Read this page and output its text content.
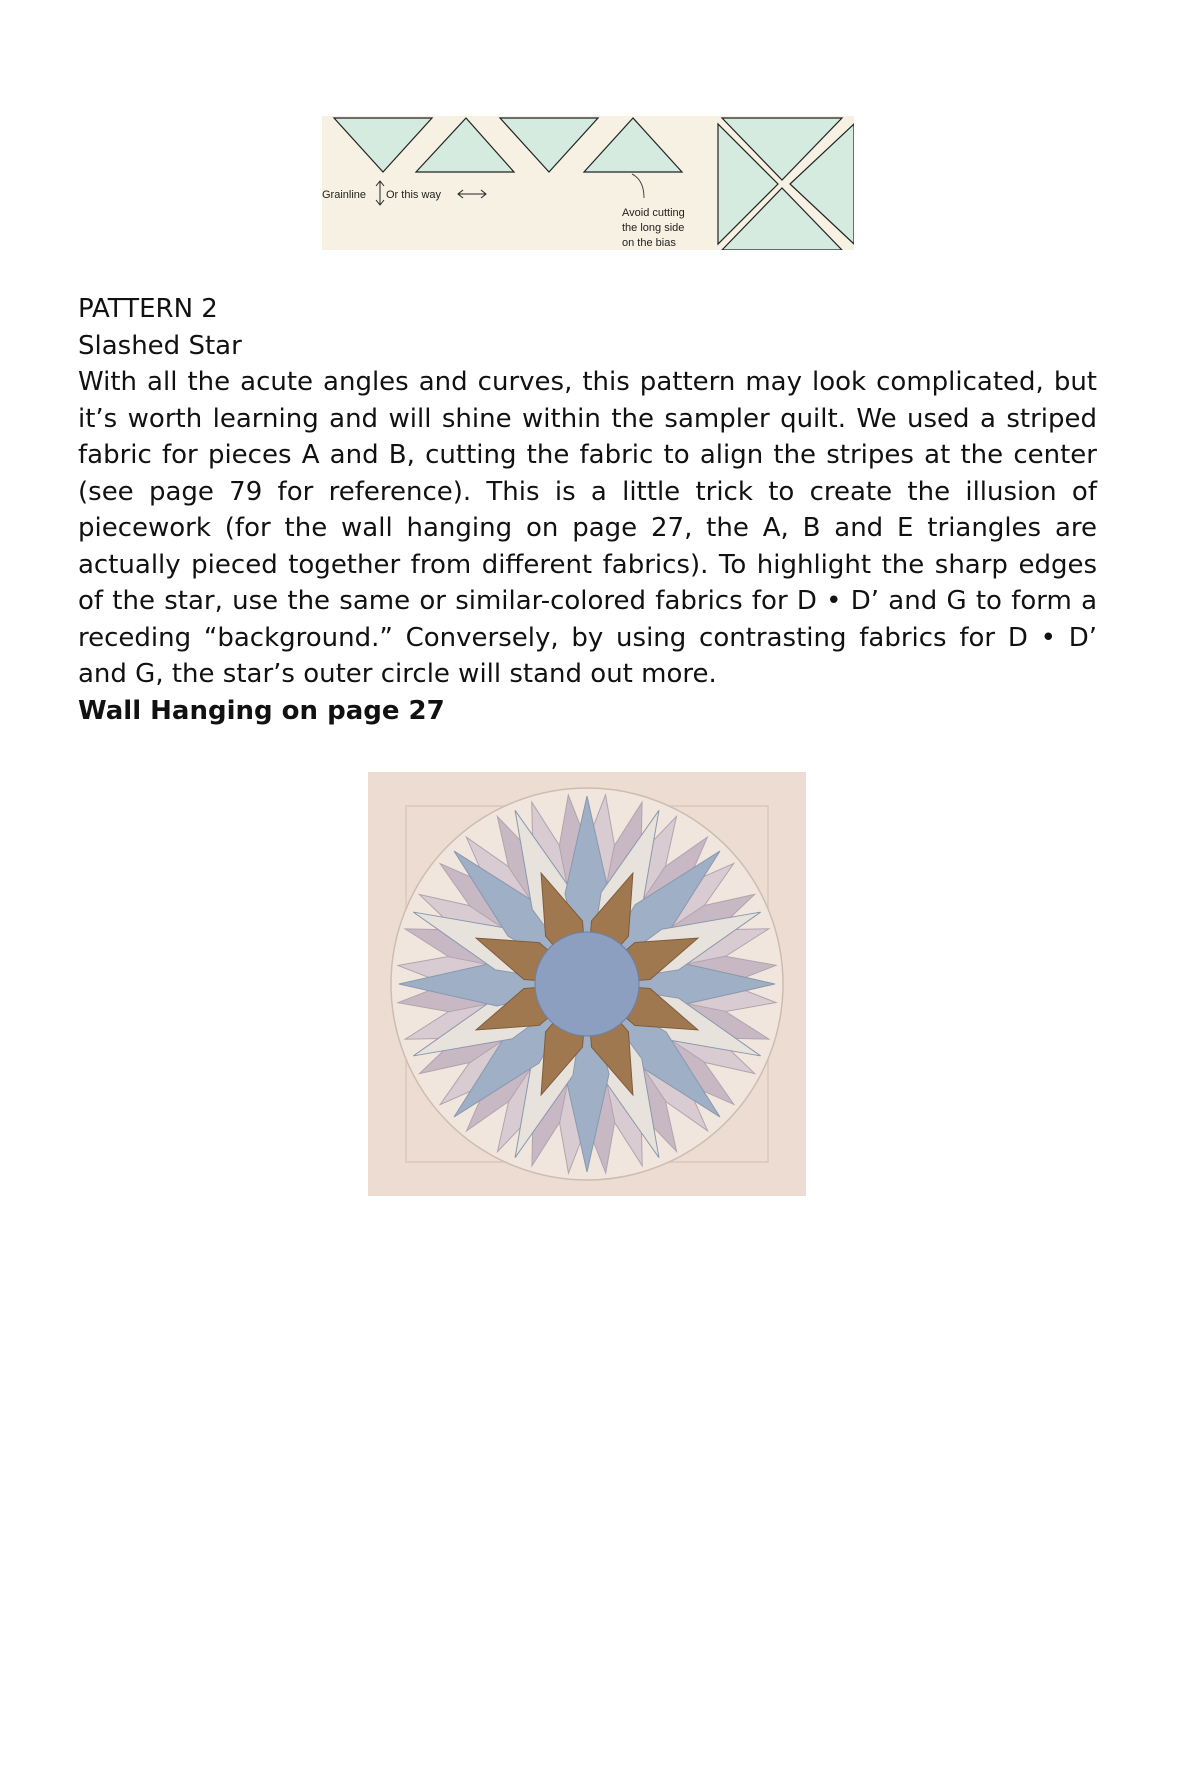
Grainline Or this way
Avoid cutting
the long side
on the bias
PATTERN 2
Slashed Star

With all the acute angles and curves, this pattern may look complicated, but it’s worth learning and will shine within the sampler quilt. We used a striped fabric for pieces A and B, cutting the fabric to align the stripes at the center (see page 79 for reference). This is a little trick to create the illusion of piecework (for the wall hanging on page 27, the A, B and E triangles are actually pieced together from different fabrics). To highlight the sharp edges of the star, use the same or similar-colored fabrics for D • D’ and G to form a receding “background.” Conversely, by using contrasting fabrics for D • D’ and G, the star’s outer circle will stand out more.

Wall Hanging on page 27
